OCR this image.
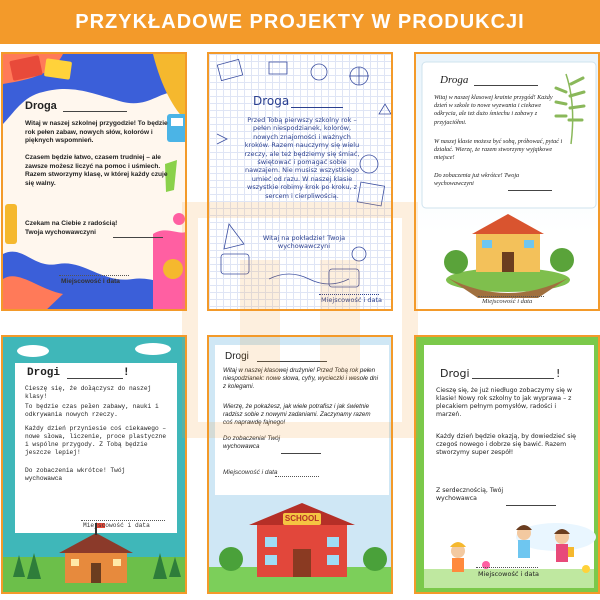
PRZYKŁADOWE PROJEKTY W PRODUKCJI
Droga
Witaj w naszej szkolnej przygodzie! To będzie rok pełen zabaw, nowych słów, kolorów i pięknych wspomnień.
Czasem będzie łatwo, czasem trudniej – ale zawsze możesz liczyć na pomoc i uśmiech. Razem stworzymy klasę, w której każdy czuje się walny.
Czekam na Ciebie z radością! Twoja wychowawczyni
Miejscowość i data
Droga
Przed Tobą pierwszy szkolny rok – pełen niespodzianek, kolorów, nowych znajomości i ważnych kroków. Razem nauczymy się wielu rzeczy, ale też będziemy się śmiać, świętować i pomagać sobie nawzajem. Nie musisz wszystkiego umieć od razu. W naszej klasie wszystkie robimy krok po kroku, z sercem i cierpliwością.
Witaj na pokładzie! Twoja wychowawczyni
Miejscowość i data
Droga
Witaj w naszej klasowej krainie przygód! Każdy dzień w szkole to nowe wyzwania i ciekawe odkrycia, ale też dużo śmiechu i zabawy z przyjaciółmi.
W naszej klasie możesz być sobą, próbować, pytać i działać. Wierzę, że razem stworzymy wyjątkowe miejsce!
Do zobaczenia już wkrótce! Twoja wychowawczyni
Miejscowość i data
Drogi	!
Cieszę się, że dołączysz do naszej klasy!
To będzie czas pełen zabawy, nauki i odkrywania nowych rzeczy.
Każdy dzień przyniesie coś ciekawego – nowe słowa, liczenie, proce plastyczne i wspólne przygody. Z Tobą będzie jeszcze lepiej!
Do zobaczenia wkrótce! Twój wychowawca
Miejscowość i data
SCHOOL
Drogi
Witaj w naszej klasowej drużynie! Przed Tobą rok pełen niespodzianek: nowe słowa, cyfry, wycieczki i wesołe dni z kolegami.
Wierzę, że pokażesz, jak wiele potrafisz i jak świetnie radzisz sobie z nowymi zadaniami. Zaczynamy razem coś naprawdę fajnego!
Do zobaczenia! Twój wychowawca
Miejscowość i data
Drogi	!
Cieszę się, że już niedługo zobaczymy się w klasie! Nowy rok szkolny to jak wyprawa – z plecakiem pełnym pomysłów, radości i marzeń.
Każdy dzień będzie okazją, by dowiedzieć się czegoś nowego i dobrze się bawić. Razem stworzymy super zespół!
Z serdecznością, Twój wychowawca
Miejscowość i data
